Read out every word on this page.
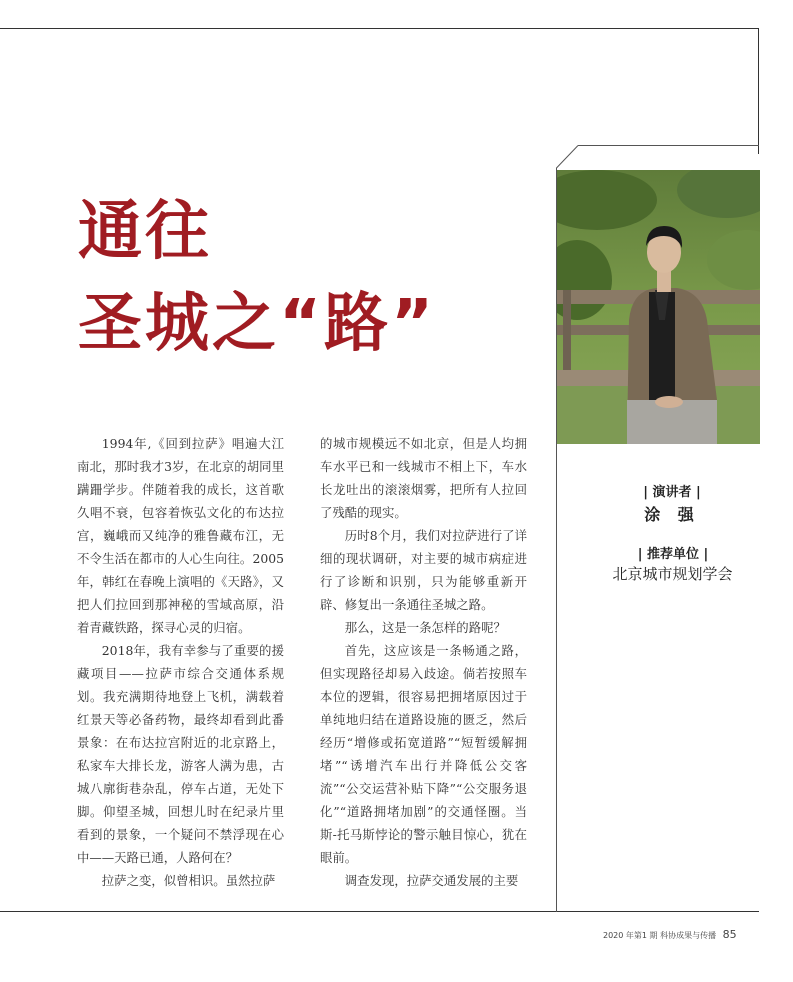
通往
圣城之“路”
| 演讲者 |
涂 强
| 推荐单位 |
北京城市规划学会

1994年,《回到拉萨》唱遍大江南北，那时我才3岁，在北京的胡同里蹒跚学步。伴随着我的成长，这首歌久唱不衰，包容着恢弘文化的布达拉宫，巍峨而又纯净的雅鲁藏布江，无不令生活在都市的人心生向往。2005年，韩红在春晚上演唱的《天路》，又把人们拉回到那神秘的雪域高原，沿着青藏铁路，探寻心灵的归宿。

2018年，我有幸参与了重要的援藏项目——拉萨市综合交通体系规划。我充满期待地登上飞机，满载着红景天等必备药物，最终却看到此番景象：在布达拉宫附近的北京路上，私家车大排长龙，游客人满为患，古城八廓街巷杂乱，停车占道，无处下脚。仰望圣城，回想儿时在纪录片里看到的景象，一个疑问不禁浮现在心中——天路已通，人路何在？

拉萨之变，似曾相识。虽然拉萨

的城市规模远不如北京，但是人均拥车水平已和一线城市不相上下，车水长龙吐出的滚滚烟雾，把所有人拉回了残酷的现实。

历时8个月，我们对拉萨进行了详细的现状调研，对主要的城市病症进行了诊断和识别，只为能够重新开辟、修复出一条通往圣城之路。

那么，这是一条怎样的路呢？

首先，这应该是一条畅通之路，但实现路径却易入歧途。倘若按照车本位的逻辑，很容易把拥堵原因过于单纯地归结在道路设施的匮乏，然后经历“增修或拓宽道路”“短暂缓解拥堵”“诱增汽车出行并降低公交客流”“公交运营补贴下降”“公交服务退化”“道路拥堵加剧”的交通怪圈。当斯-托马斯悖论的警示触目惊心，犹在眼前。

调查发现，拉萨交通发展的主要

2020 年第1 期 科协成果与传播 85
